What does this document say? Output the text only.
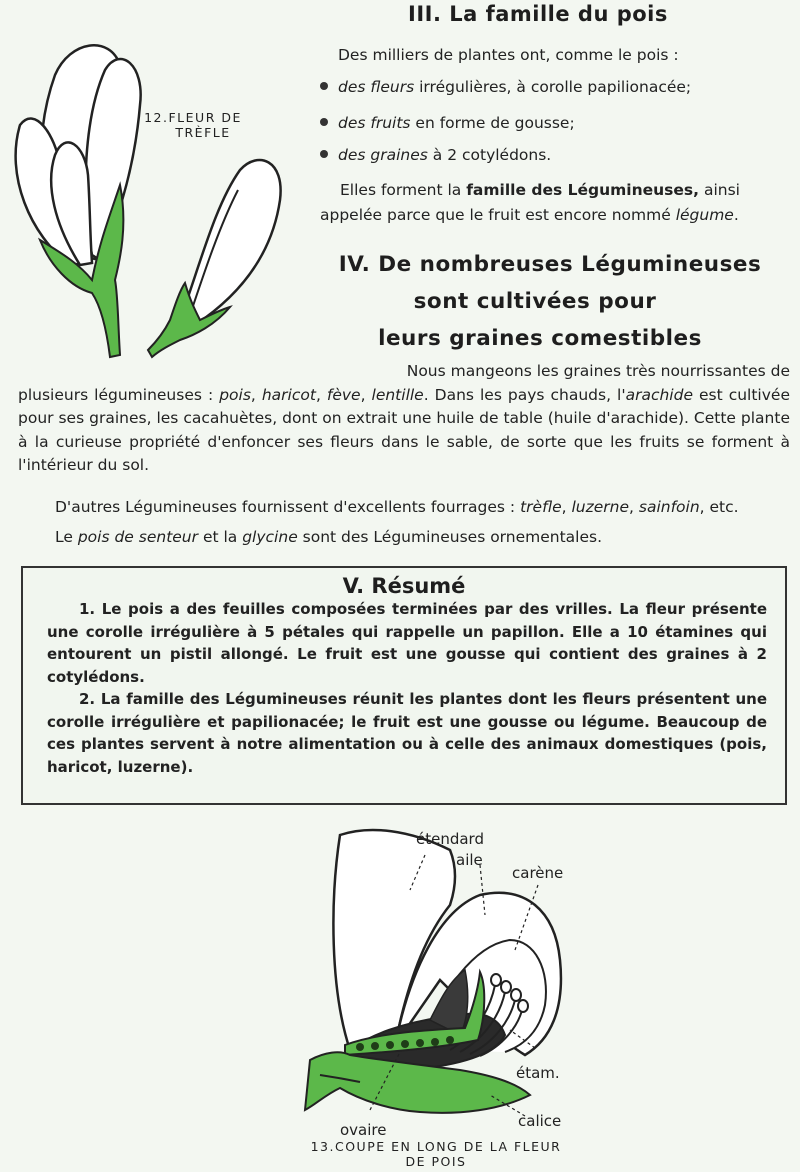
12.FLEUR DE
TRÈFLE
III. La famille du pois
Des milliers de plantes ont, comme le pois :
des fleurs irrégulières, à corolle papilionacée;
des fruits en forme de gousse;
des graines à 2 cotylédons.
Elles forment la famille des Légumineuses, ainsi
appelée parce que le fruit est encore nommé légume.
IV. De nombreuses Légumineuses
sont cultivées pour
leurs graines comestibles
Nous mangeons les graines très nourrissantes de
plusieurs légumineuses : pois, haricot, fève, lentille. Dans les pays chauds, l'arachide est cultivée pour ses graines, les cacahuètes, dont on extrait une huile de table (huile d'arachide). Cette plante à la curieuse propriété d'enfoncer ses fleurs dans le sable, de sorte que les fruits se forment à l'intérieur du sol.
D'autres Légumineuses fournissent d'excellents fourrages : trèfle, luzerne, sainfoin, etc.
Le pois de senteur et la glycine sont des Légumineuses ornementales.
V. Résumé

1. Le pois a des feuilles composées terminées par des vrilles. La fleur présente une corolle irrégulière à 5 pétales qui rappelle un papillon. Elle a 10 étamines qui entourent un pistil allongé. Le fruit est une gousse qui contient des graines à 2 cotylédons.

2. La famille des Légumineuses réunit les plantes dont les fleurs présentent une corolle irrégulière et papilionacée; le fruit est une gousse ou légume. Beaucoup de ces plantes servent à notre alimentation ou à celle des animaux domestiques (pois, haricot, luzerne).

étendard
aile
carène
étam.
ovaire	calice
13.COUPE EN LONG DE LA FLEUR
DE POIS
